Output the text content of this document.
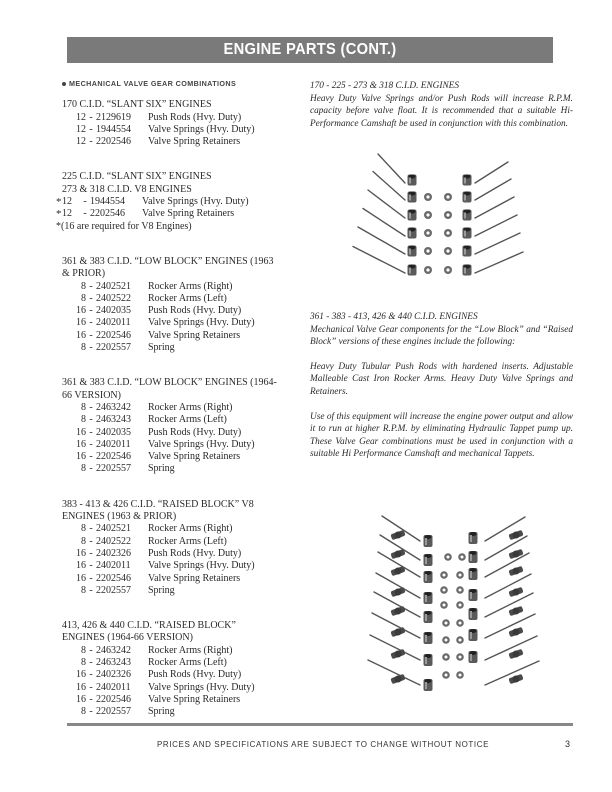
ENGINE PARTS (CONT.)
MECHANICAL VALVE GEAR COMBINATIONS
170 C.I.D. “SLANT SIX” ENGINES
12 - 2129619	Push Rods (Hvy. Duty)
12 - 1944554	Valve Springs (Hvy. Duty)
12 - 2202546	Valve Spring Retainers
225 C.I.D. “SLANT SIX” ENGINES
273 & 318 C.I.D. V8 ENGINES
* 12	- 1944554	Valve Springs (Hvy. Duty)
* 12	- 2202546	Valve Spring Retainers
*(16 are required for V8 Engines)
361 & 383 C.I.D. “LOW BLOCK” ENGINES (1963
& PRIOR)
8 - 2402521	Rocker Arms (Right)
8 - 2402522	Rocker Arms (Left)
16 - 2402035	Push Rods (Hvy. Duty)
16 - 2402011	Valve Springs (Hvy. Duty)
16 - 2202546	Valve Spring Retainers
8 - 2202557	Spring
361 & 383 C.I.D. “LOW BLOCK” ENGINES (1964-
66 VERSION)
8 - 2463242	Rocker Arms (Right)
8 - 2463243	Rocker Arms (Left)
16 - 2402035	Push Rods (Hvy. Duty)
16 - 2402011	Valve Springs (Hvy. Duty)
16 - 2202546	Valve Spring Retainers
8 - 2202557	Spring
383 - 413 & 426 C.I.D. “RAISED BLOCK” V8
ENGINES (1963 & PRIOR)
8 - 2402521	Rocker Arms (Right)
8 - 2402522	Rocker Arms (Left)
16 - 2402326	Push Rods (Hvy. Duty)
16 - 2402011	Valve Springs (Hvy. Duty)
16 - 2202546	Valve Spring Retainers
8 - 2202557	Spring
413, 426 & 440 C.I.D. “RAISED BLOCK”
ENGINES (1964-66 VERSION)
8 - 2463242	Rocker Arms (Right)
8 - 2463243	Rocker Arms (Left)
16 - 2402326	Push Rods (Hvy. Duty)
16 - 2402011	Valve Springs (Hvy. Duty)
16 - 2202546	Valve Spring Retainers
8 - 2202557	Spring
170 - 225 - 273 & 318 C.I.D. ENGINES

Heavy Duty Valve Springs and/or Push Rods will increase R.P.M. capacity before valve float. It is recommended that a suitable Hi-Performance Camshaft be used in conjunction with this combination.

361 - 383 - 413, 426 & 440 C.I.D. ENGINES

Mechanical Valve Gear components for the “Low Block” and “Raised Block” versions of these engines include the following:

Heavy Duty Tubular Push Rods with hardened inserts. Adjustable Malleable Cast Iron Rocker Arms. Heavy Duty Valve Springs and Retainers.

Use of this equipment will increase the engine power output and allow it to run at higher R.P.M. by eliminating Hydraulic Tappet pump up. These Valve Gear combinations must be used in conjunction with a suitable Hi Performance Camshaft and mechanical Tappets.

PRICES AND SPECIFICATIONS ARE SUBJECT TO CHANGE WITHOUT NOTICE	3
